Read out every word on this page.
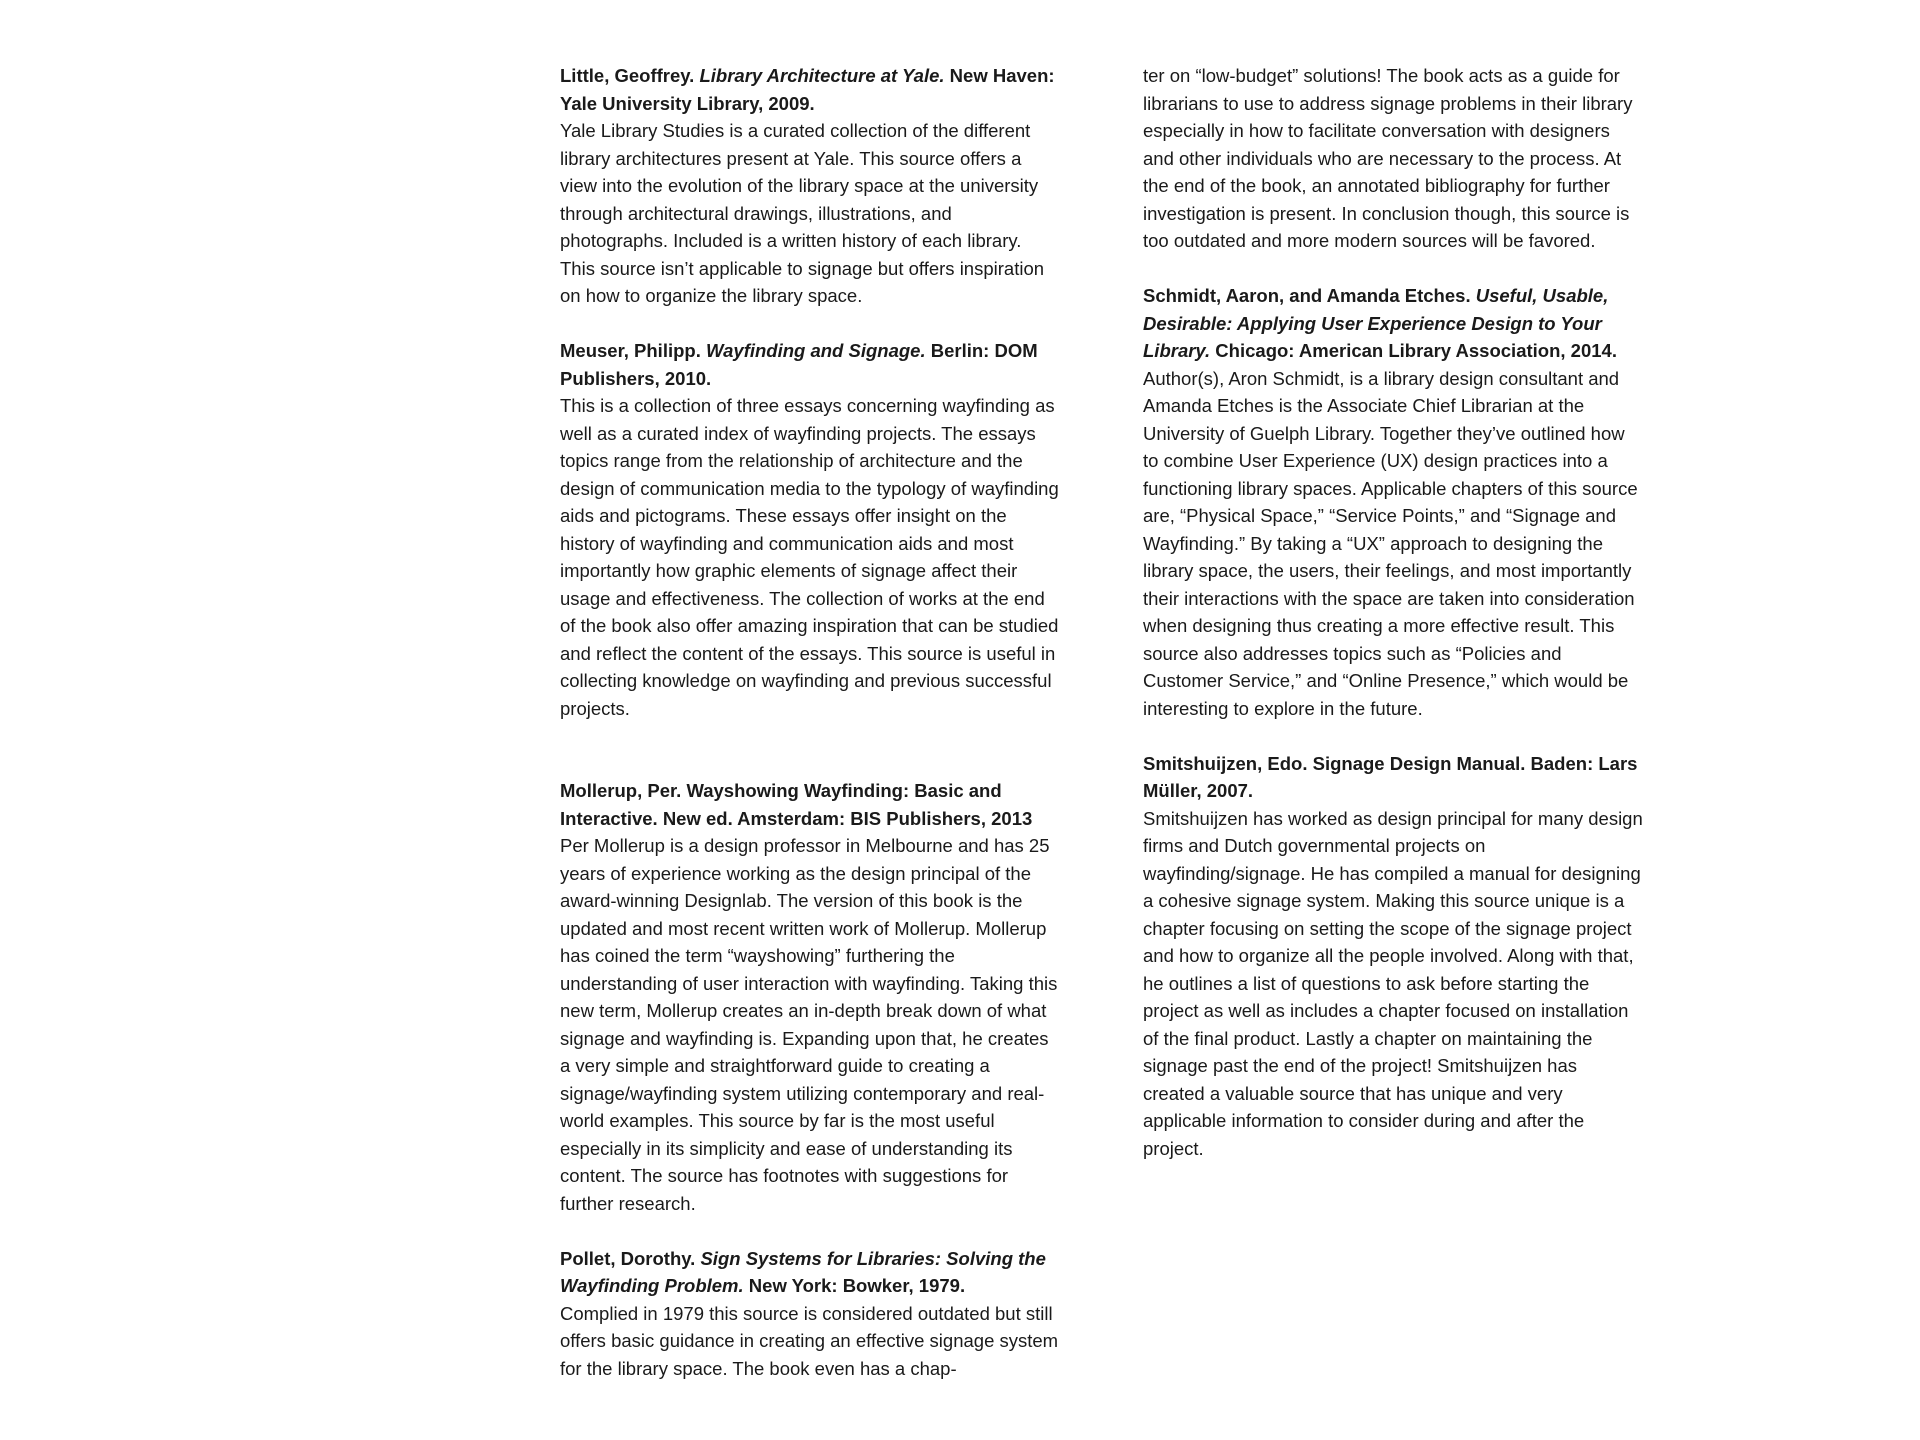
Little, Geoffrey. Library Architecture at Yale. New Haven: Yale University Library, 2009.

Yale Library Studies is a curated collection of the different library architectures present at Yale. This source offers a view into the evolution of the library space at the university through architectural drawings, illustrations, and photographs. Included is a written history of each library. This source isn’t applicable to signage but offers inspiration on how to organize the library space.

Meuser, Philipp. Wayfinding and Signage. Berlin: DOM Publishers, 2010.

This is a collection of three essays concerning wayfinding as well as a curated index of wayfinding projects. The essays topics range from the relationship of architecture and the design of communication media to the typology of wayfinding aids and pictograms. These essays offer insight on the history of wayfinding and communication aids and most importantly how graphic elements of signage affect their usage and effectiveness. The collection of works at the end of the book also offer amazing inspiration that can be studied and reflect the content of the essays. This source is useful in collecting knowledge on wayfinding and previous successful projects.

Mollerup, Per. Wayshowing Wayfinding: Basic and Interactive. New ed. Amsterdam: BIS Publishers, 2013

Per Mollerup is a design professor in Melbourne and has 25 years of experience working as the design principal of the award-winning Designlab. The version of this book is the updated and most recent written work of Mollerup. Mollerup has coined the term “wayshowing” furthering the understanding of user interaction with wayfinding. Taking this new term, Mollerup creates an in-depth break down of what signage and wayfinding is. Expanding upon that, he creates a very simple and straightforward guide to creating a signage/wayfinding system utilizing contemporary and real-world examples. This source by far is the most useful especially in its simplicity and ease of understanding its content. The source has footnotes with suggestions for further research.

Pollet, Dorothy. Sign Systems for Libraries: Solving the Wayfinding Problem. New York: Bowker, 1979.

Complied in 1979 this source is considered outdated but still offers basic guidance in creating an effective signage system for the library space. The book even has a chap-

ter on “low-budget” solutions! The book acts as a guide for librarians to use to address signage problems in their library especially in how to facilitate conversation with designers and other individuals who are necessary to the process. At the end of the book, an annotated bibliography for further investigation is present. In conclusion though, this source is too outdated and more modern sources will be favored.

Schmidt, Aaron, and Amanda Etches. Useful, Usable, Desirable: Applying User Experience Design to Your Library. Chicago: American Library Association, 2014.

Author(s), Aron Schmidt, is a library design consultant and Amanda Etches is the Associate Chief Librarian at the University of Guelph Library. Together they’ve outlined how to combine User Experience (UX) design practices into a functioning library spaces. Applicable chapters of this source are, “Physical Space,” “Service Points,” and “Signage and Wayfinding.” By taking a “UX” approach to designing the library space, the users, their feelings, and most importantly their interactions with the space are taken into consideration when designing thus creating a more effective result. This source also addresses topics such as “Policies and Customer Service,” and “Online Presence,” which would be interesting to explore in the future.

Smitshuijzen, Edo. Signage Design Manual. Baden: Lars Müller, 2007.

Smitshuijzen has worked as design principal for many design firms and Dutch governmental projects on wayfinding/signage. He has compiled a manual for designing a cohesive signage system. Making this source unique is a chapter focusing on setting the scope of the signage project and how to organize all the people involved. Along with that, he outlines a list of questions to ask before starting the project as well as includes a chapter focused on installation of the final product. Lastly a chapter on maintaining the signage past the end of the project! Smitshuijzen has created a valuable source that has unique and very applicable information to consider during and after the project.
